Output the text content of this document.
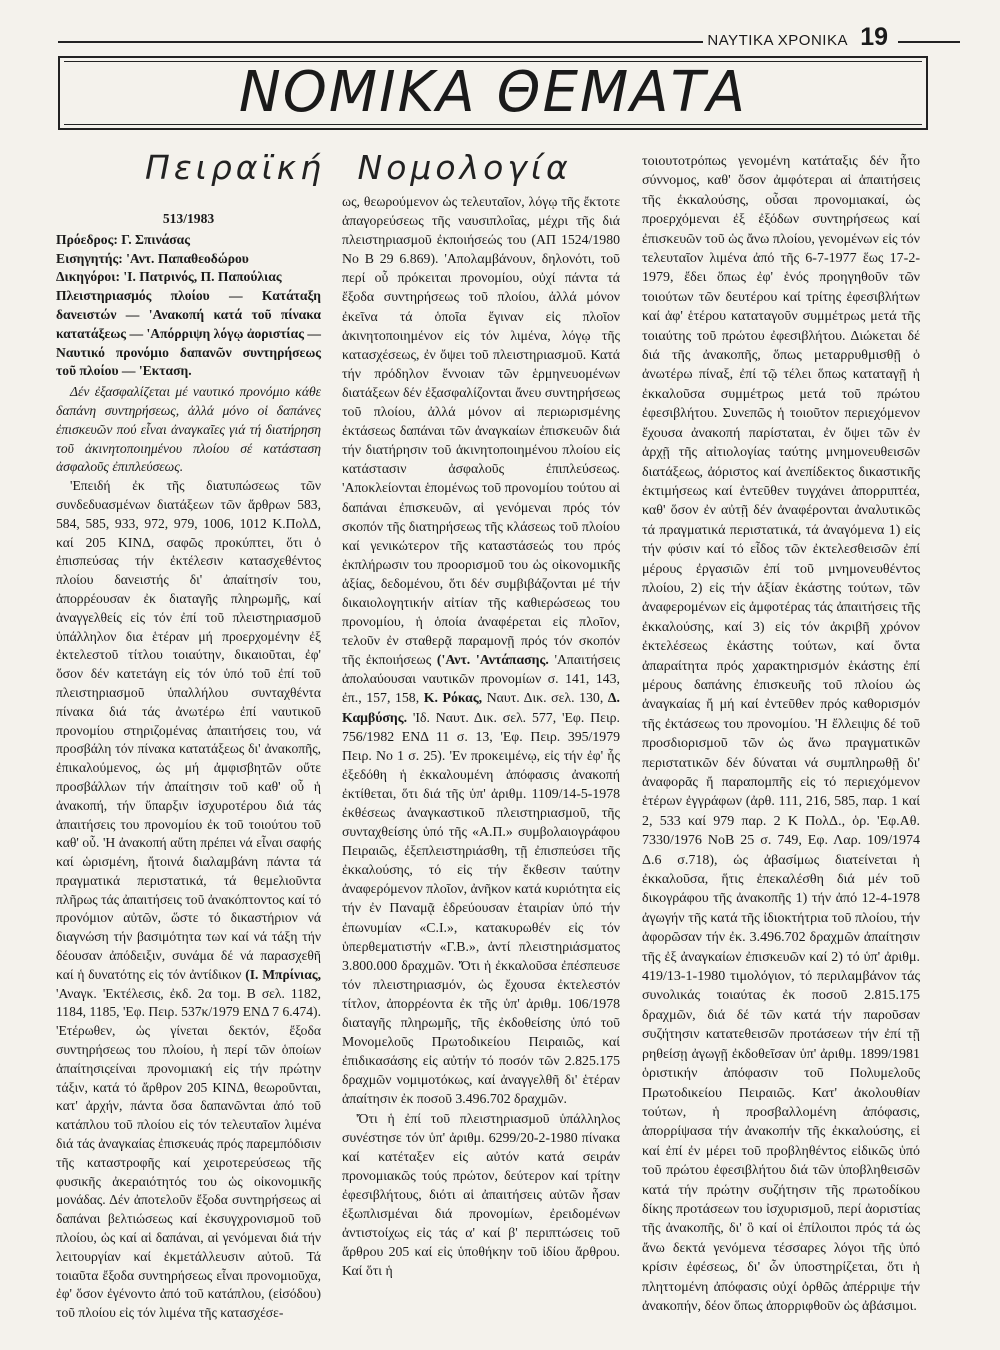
ΝΑΥΤΙΚΑ ΧΡΟΝΙΚΑ 19
ΝΟΜΙΚΑ ΘΕΜΑΤΑ
Πειραϊκή Νομολογία
513/1983
Πρόεδρος: Γ. Σπινάσας
Εισηγητής: 'Αντ. Παπαθεοδώρου
Δικηγόροι: 'Ι. Πατρινός, Π. Παπούλιας

Πλειστηριασμός πλοίου — Κατάταξη δανειστών — 'Ανακοπή κατά τοῦ πίνακα κατατάξεως — 'Απόρριψη λόγῳ ἀοριστίας — Ναυτικό προνόμιο δαπανῶν συντηρήσεως τοῦ πλοίου — 'Εκταση.

Δέν ἐξασφαλίζεται μέ ναυτικό προνόμιο κάθε δαπάνη συντηρήσεως, ἀλλά μόνο οἱ δαπάνες ἐπισκευῶν πού εἶναι ἀναγκαῖες γιά τή διατήρηση τοῦ ἀκινητοποιημένου πλοίου σέ κατάσταση ἀσφαλοῦς ἐπιπλεύσεως.

'Επειδή ἐκ τῆς διατυπώσεως τῶν συνδεδυασμένων διατάξεων τῶν ἄρθρων 583, 584, 585, 933, 972, 979, 1006, 1012 Κ.ΠολΔ, καί 205 ΚΙΝΔ, σαφῶς προκύπτει, ὅτι ὁ ἐπισπεύσας τήν ἐκτέλεσιν κατασχεθέντος πλοίου δανειστής δι' ἀπαίτησίν του, ἀπορρέουσαν ἐκ διαταγῆς πληρωμῆς, καί ἀναγγελθείς εἰς τόν ἐπί τοῦ πλειστηριασμοῦ ὑπάλληλον δια ἑτέραν μή προερχομένην ἐξ ἐκτελεστοῦ τίτλου τοιαύτην, δικαιοῦται, ἐφ' ὅσον δέν κατετάγη εἰς τόν ὑπό τοῦ ἐπί τοῦ πλειστηριασμοῦ ὑπαλλήλου συνταχθέντα πίνακα διά τάς ἀνωτέρω ἐπί ναυτικοῦ προνομίου στηριζομένας ἀπαιτήσεις του, νά προσβάλη τόν πίνακα κατατάξεως δι' ἀνακοπῆς, ἐπικαλούμενος, ὡς μή ἀμφισβητῶν οὔτε προσβάλλων τήν ἀπαίτησιν τοῦ καθ' οὗ ἡ ἀνακοπή, τήν ὕπαρξιν ἰσχυροτέρου διά τάς ἀπαιτήσεις του προνομίου ἐκ τοῦ τοιούτου τοῦ καθ' οὗ. 'Η ἀνακοπή αὕτη πρέπει νά εἶναι σαφής καί ὡρισμένη, ἤτοινά διαλαμβάνη πάντα τά πραγματικά περιστατικά, τά θεμελιοῦντα πλῆρως τάς ἀπαιτήσεις τοῦ ἀνακόπτοντος καί τό προνόμιον αὐτῶν, ὥστε τό δικαστήριον νά διαγνώση τήν βασιμότητα των καί νά τάξη τήν δέουσαν ἀπόδειξιν, συνάμα δέ νά παρασχεθῆ καί ἡ δυνατότης εἰς τόν ἀντίδικον (Ι. Μπρίνιας, 'Αναγκ. 'Εκτέλεσις, ἐκδ. 2α τομ. Β σελ. 1182, 1184, 1185, 'Εφ. Πειρ. 537κ/1979 ΕΝΔ 7 6.474). 'Ετέρωθεν, ὡς γίνεται δεκτόν, ἔξοδα συντηρήσεως του πλοίου, ἡ περί τῶν ὁποίων ἀπαίτησιςείναι προνομιακή εἰς τήν πρώτην τάξιν, κατά τό ἄρθρον 205 ΚΙΝΔ, θεωροῦνται, κατ' ἀρχήν, πάντα ὅσα δαπανῶνται ἀπό τοῦ κατάπλου τοῦ πλοίου εἰς τόν τελευταῖον λιμένα διά τάς ἀναγκαίας ἐπισκευάς πρός παρεμπόδισιν τῆς καταστροφῆς καί χειροτερεύσεως τῆς φυσικῆς ἀκεραιότητός του ὡς οἰκονομικῆς μονάδας. Δέν ἀποτελοῦν ἔξοδα συντηρήσεως αἱ δαπάναι βελτιώσεως καί ἐκσυγχρονισμοῦ τοῦ πλοίου, ὡς καί αἱ δαπάναι, αἱ γενόμεναι διά τήν λειτουργίαν καί ἐκμετάλλευσιν αὐτοῦ. Τά τοιαῦτα ἔξοδα συντηρήσεως εἶναι προνομιοῦχα, ἐφ' ὅσον ἐγένοντο ἀπό τοῦ κατάπλου, (εἰσόδου) τοῦ πλοίου εἰς τόν λιμένα τῆς κατασχέσε-

ως, θεωρούμενον ὡς τελευταῖον, λόγῳ τῆς ἔκτοτε ἀπαγορεύσεως τῆς ναυσιπλοΐας, μέχρι τῆς διά πλειστηριασμοῦ ἐκποιήσεώς του (ΑΠ 1524/1980 Νο Β 29 6.869). 'Απολαμβάνουν, δηλονότι, τοῦ περί οὗ πρόκειται προνομίου, οὐχί πάντα τά ἔξοδα συντηρήσεως τοῦ πλοίου, ἀλλά μόνον ἐκεῖνα τά ὁποῖα ἔγιναν εἰς πλοῖον ἀκινητοποιημένον εἰς τόν λιμένα, λόγῳ τῆς κατασχέσεως, ἐν ὄψει τοῦ πλειστηριασμοῦ. Κατά τήν πρόδηλον ἔννοιαν τῶν ἑρμηνευομένων διατάξεων δέν ἐξασφαλίζονται ἄνευ συντηρήσεως τοῦ πλοίου, ἀλλά μόνον αἱ περιωρισμένης ἐκτάσεως δαπάναι τῶν ἀναγκαίων ἐπισκευῶν διά τήν διατήρησιν τοῦ ἀκινητοποιημένου πλοίου εἰς κατάστασιν ἀσφαλοῦς ἐπιπλεύσεως. 'Αποκλείονται ἑπομένως τοῦ προνομίου τούτου αἱ δαπάναι ἐπισκευῶν, αἱ γενόμεναι πρός τόν σκοπόν τῆς διατηρήσεως τῆς κλάσεως τοῦ πλοίου καί γενικώτερον τῆς καταστάσεώς του πρός ἐκπλήρωσιν του προορισμοῦ του ὡς οἰκονομικῆς ἀξίας, δεδομένου, ὅτι δέν συμβιβάζονται μέ τήν δικαιολογητικήν αἰτίαν τῆς καθιερώσεως του προνομίου, ἡ ὁποία ἀναφέρεται εἰς πλοῖον, τελοῦν ἐν σταθερᾷ παραμονῇ πρός τόν σκοπόν τῆς ἐκποιήσεως ('Αντ. 'Αντάπασης. 'Απαιτήσεις ἀπολαύουσαι ναυτικῶν προνομίων σ. 141, 143, ἐπ., 157, 158, Κ. Ρόκας, Ναυτ. Δικ. σελ. 130, Δ. Καμβύσης. 'Ιδ. Ναυτ. Δικ. σελ. 577, 'Εφ. Πειρ. 756/1982 ΕΝΔ 11 σ. 13, 'Εφ. Πειρ. 395/1979 Πειρ. Νο 1 σ. 25). 'Εν προκειμένῳ, εἰς τήν ἐφ' ἧς ἐξεδόθη ἡ ἐκκαλουμένη ἀπόφασις ἀνακοπή ἐκτίθεται, ὅτι διά τῆς ὑπ' ἀριθμ. 1109/14-5-1978 ἐκθέσεως ἀναγκαστικοῦ πλειστηριασμοῦ, τῆς συνταχθείσης ὑπό τῆς «Α.Π.» συμβολαιογράφου Πειραιῶς, ἐξεπλειστηριάσθη, τῇ ἐπισπεύσει τῆς ἐκκαλούσης, τό εἰς τήν ἔκθεσιν ταύτην ἀναφερόμενον πλοῖον, ἀνῆκον κατά κυριότητα εἰς τήν ἐν Παναμᾷ ἑδρεύουσαν ἑταιρίαν ὑπό τήν ἐπωνυμίαν «C.I.», κατακυρωθέν εἰς τόν ὑπερθεματιστήν «Γ.Β.», ἀντί πλειστηριάσματος 3.800.000 δραχμῶν. 'Ότι ἡ ἐκκαλοῦσα ἐπέσπευσε τόν πλειστηριασμόν, ὡς ἔχουσα ἐκτελεστόν τίτλον, ἀπορρέοντα ἐκ τῆς ὑπ' ἀριθμ. 106/1978 διαταγῆς πληρωμῆς, τῆς ἐκδοθείσης ὑπό τοῦ Μονομελοῦς Πρωτοδικείου Πειραιῶς, καί ἐπιδικασάσης εἰς αὐτήν τό ποσόν τῶν 2.825.175 δραχμῶν νομιμοτόκως, καί ἀναγγελθῆ δι' ἑτέραν ἀπαίτησιν ἐκ ποσοῦ 3.496.702 δραχμῶν.

'Ότι ἡ ἐπί τοῦ πλειστηριασμοῦ ὑπάλληλος συνέστησε τόν ὑπ' ἀριθμ. 6299/20-2-1980 πίνακα καί κατέταξεν εἰς αὐτόν κατά σειράν προνομιακῶς τούς πρώτον, δεύτερον καί τρίτην ἐφεσιβλήτους, διότι αἱ ἀπαιτήσεις αὐτῶν ἦσαν ἐξωπλισμέναι διά προνομίων, ἐρειδομένων ἀντιστοίχως εἰς τάς α' καί β' περιπτώσεις τοῦ ἄρθρου 205 καί εἰς ὑποθήκην τοῦ ἰδίου ἄρθρου. Καί ὅτι ἡ

τοιουτοτρόπως γενομένη κατάταξις δέν ἦτο σύννομος, καθ' ὅσον ἀμφότεραι αἱ ἀπαιτήσεις τῆς ἐκκαλούσης, οὖσαι προνομιακαί, ὡς προερχόμεναι ἐξ ἐξόδων συντηρήσεως καί ἐπισκευῶν τοῦ ὡς ἄνω πλοίου, γενομένων εἰς τόν τελευταῖον λιμένα ἀπό τῆς 6-7-1977 ἕως 17-2-1979, ἔδει ὅπως ἐφ' ἑνός προηγηθοῦν τῶν τοιούτων τῶν δευτέρου καί τρίτης ἐφεσιβλήτων καί ἀφ' ἑτέρου καταταγοῦν συμμέτρως μετά τῆς τοιαύτης τοῦ πρώτου ἐφεσιβλήτου. Διώκεται δέ διά τῆς ἀνακοπῆς, ὅπως μεταρρυθμισθῇ ὁ ἀνωτέρω πίναξ, ἐπί τῷ τέλει ὅπως καταταγῇ ἡ ἐκκαλοῦσα συμμέτρως μετά τοῦ πρώτου ἐφεσιβλήτου. Συνεπῶς ἡ τοιοῦτον περιεχόμενον ἔχουσα ἀνακοπή παρίσταται, ἐν ὄψει τῶν ἐν ἀρχῇ τῆς αἰτιολογίας ταύτης μνημονευθεισῶν διατάξεως, ἀόριστος καί ἀνεπίδεκτος δικαστικῆς ἐκτιμήσεως καί ἐντεῦθεν τυγχάνει ἀπορριπτέα, καθ' ὅσον ἐν αὐτῇ δέν ἀναφέρονται ἀναλυτικῶς τά πραγματικά περιστατικά, τά ἀναγόμενα 1) εἰς τήν φύσιν καί τό εἶδος τῶν ἐκτελεσθεισῶν ἐπί μέρους ἐργασιῶν ἐπί τοῦ μνημονευθέντος πλοίου, 2) εἰς τήν ἀξίαν ἑκάστης τούτων, τῶν ἀναφερομένων εἰς ἀμφοτέρας τάς ἀπαιτήσεις τῆς ἐκκαλούσης, καί 3) εἰς τόν ἀκριβῆ χρόνον ἐκτελέσεως ἑκάστης τούτων, καί ὄντα ἀπαραίτητα πρός χαρακτηρισμόν ἑκάστης ἐπί μέρους δαπάνης ἐπισκευῆς τοῦ πλοίου ὡς ἀναγκαίας ἤ μή καί ἐντεῦθεν πρός καθορισμόν τῆς ἐκτάσεως του προνομίου. 'Η ἔλλειψις δέ τοῦ προσδιορισμοῦ τῶν ὡς ἄνω πραγματικῶν περιστατικῶν δέν δύναται νά συμπληρωθῇ δι' ἀναφορᾶς ἤ παραπομπῆς εἰς τό περιεχόμενον ἑτέρων ἐγγράφων (ἀρθ. 111, 216, 585, παρ. 1 καί 2, 533 καί 979 παρ. 2 Κ ΠολΔ., ὁρ. 'Εφ.Αθ. 7330/1976 ΝοΒ 25 σ. 749, Εφ. Λαρ. 109/1974 Δ.6 σ.718), ὡς ἀβασίμως διατείνεται ἡ ἐκκαλοῦσα, ἥτις ἐπεκαλέσθη διά μέν τοῦ δικογράφου τῆς ἀνακοπῆς 1) τήν ἀπό 12-4-1978 ἀγωγήν τῆς κατά τῆς ἰδιοκτήτρια τοῦ πλοίου, τήν ἀφορῶσαν τήν ἐκ. 3.496.702 δραχμῶν ἀπαίτησιν τῆς ἐξ ἀναγκαίων ἐπισκευῶν καί 2) τό ὑπ' ἀριθμ. 419/13-1-1980 τιμολόγιον, τό περιλαμβάνον τάς συνολικάς τοιαύτας ἐκ ποσοῦ 2.815.175 δραχμῶν, διά δέ τῶν κατά τήν παροῦσαν συζήτησιν κατατεθεισῶν προτάσεων τήν ἐπί τῇ ρηθείσῃ ἀγωγῇ ἐκδοθεῖσαν ὑπ' ἀριθμ. 1899/1981 ὁριστικήν ἀπόφασιν τοῦ Πολυμελοῦς Πρωτοδικείου Πειραιῶς. Κατ' ἀκολουθίαν τούτων, ἡ προσβαλλομένη ἀπόφασις, ἀπορρίψασα τήν ἀνακοπήν τῆς ἐκκαλούσης, εἰ καί ἐπί ἐν μέρει τοῦ προβληθέντος εἰδικῶς ὑπό τοῦ πρώτου ἐφεσιβλήτου διά τῶν ὑποβληθεισῶν κατά τήν πρώτην συζήτησιν τῆς πρωτοδίκου δίκης προτάσεων του ἰσχυρισμοῦ, περί ἀοριστίας τῆς ἀνακοπῆς, δι' ὃ καί οἱ ἐπίλοιποι πρός τά ὡς ἄνω δεκτά γενόμενα τέσσαρες λόγοι τῆς ὑπό κρίσιν ἐφέσεως, δι' ὧν ὑποστηρίζεται, ὅτι ἡ πληττομένη ἀπόφασις οὐχί ὀρθῶς ἀπέρριψε τήν ἀνακοπήν, δέον ὅπως ἀπορριφθοῦν ὡς ἀβάσιμοι.
